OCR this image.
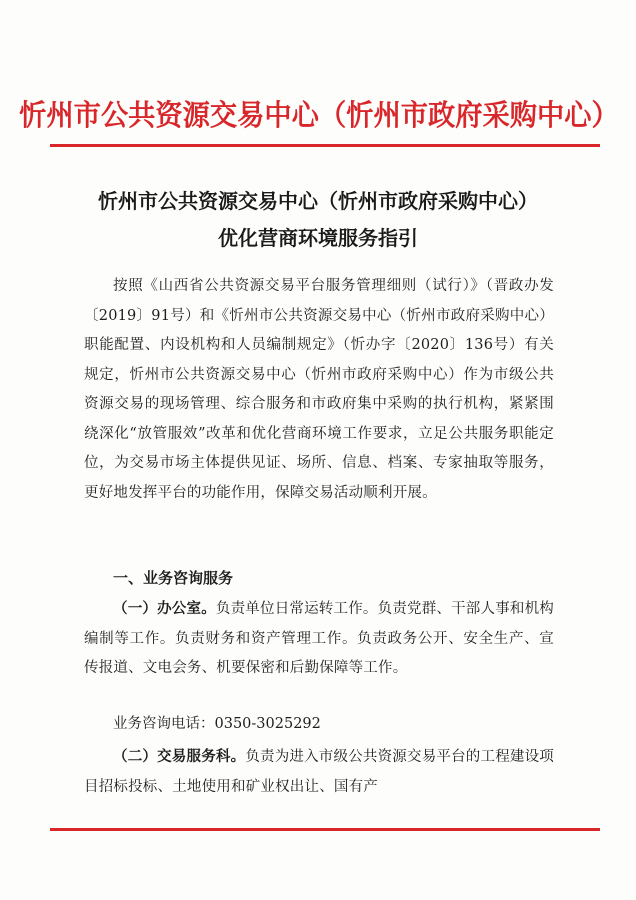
忻州市公共资源交易中心（忻州市政府采购中心）
忻州市公共资源交易中心（忻州市政府采购中心）
优化营商环境服务指引

按照《山西省公共资源交易平台服务管理细则（试行）》（晋政办发〔2019〕91号）和《忻州市公共资源交易中心（忻州市政府采购中心）职能配置、内设机构和人员编制规定》（忻办字〔2020〕136号）有关规定，忻州市公共资源交易中心（忻州市政府采购中心）作为市级公共资源交易的现场管理、综合服务和市政府集中采购的执行机构，紧紧围绕深化“放管服效”改革和优化营商环境工作要求，立足公共服务职能定位，为交易市场主体提供见证、场所、信息、档案、专家抽取等服务，更好地发挥平台的功能作用，保障交易活动顺利开展。

一、业务咨询服务

（一）办公室。负责单位日常运转工作。负责党群、干部人事和机构编制等工作。负责财务和资产管理工作。负责政务公开、安全生产、宣传报道、文电会务、机要保密和后勤保障等工作。

业务咨询电话：0350-3025292

（二）交易服务科。负责为进入市级公共资源交易平台的工程建设项目招标投标、土地使用和矿业权出让、国有产
